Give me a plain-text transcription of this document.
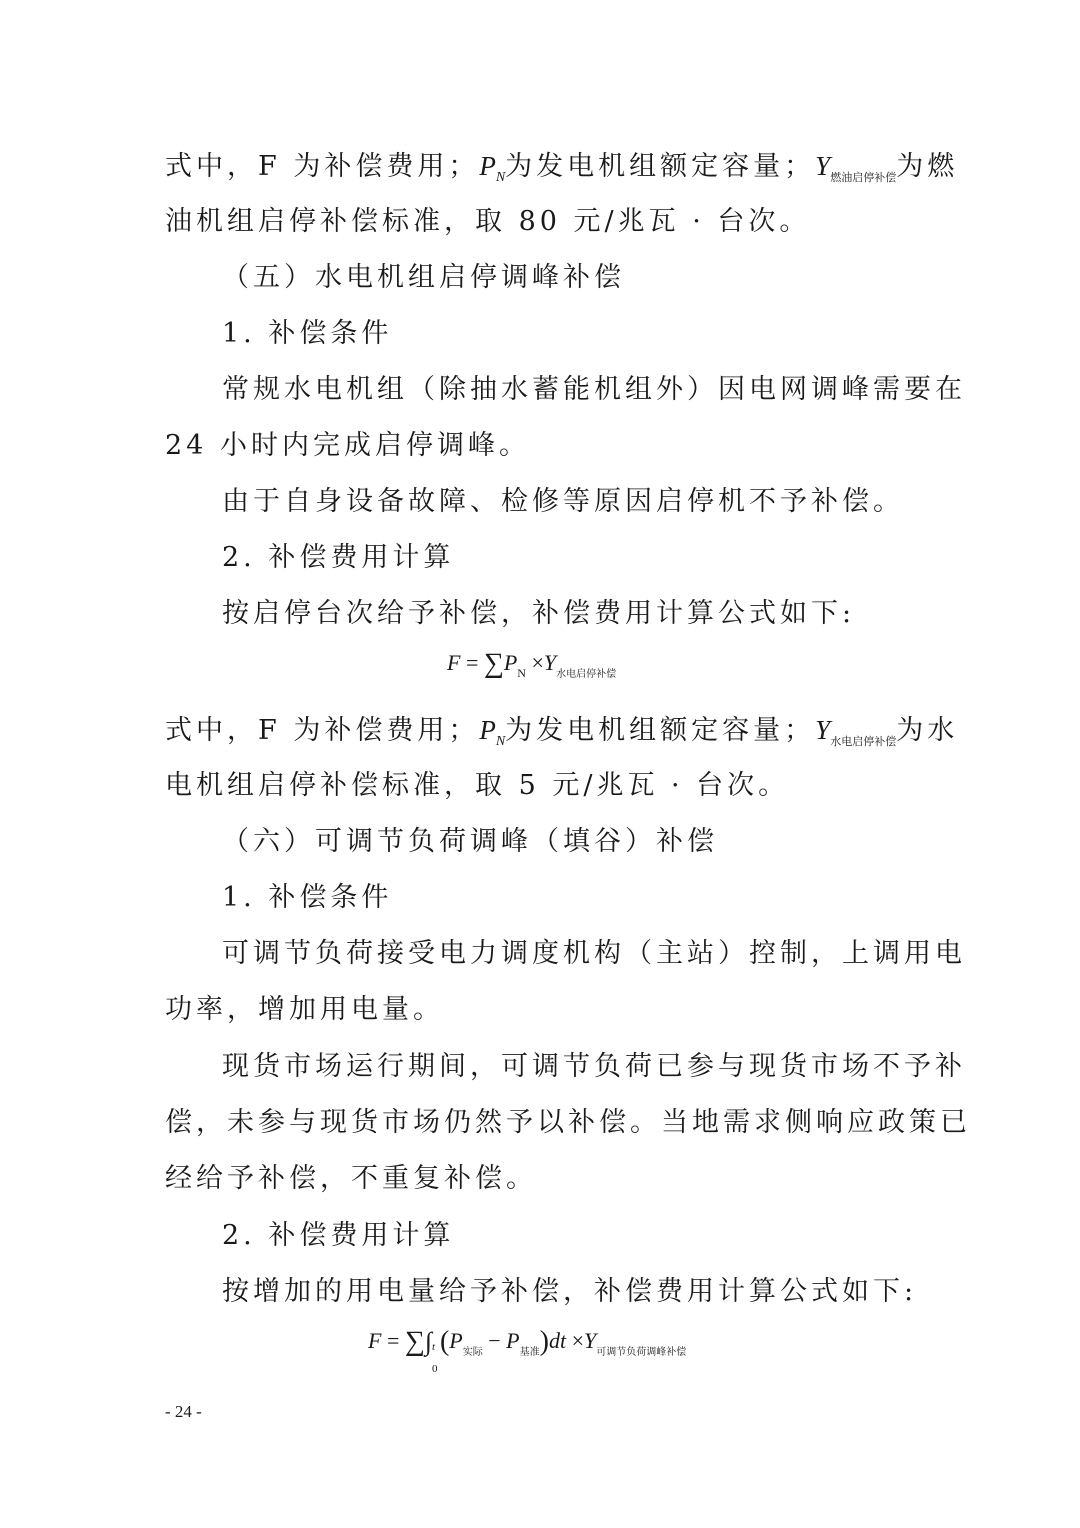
式中，F 为补偿费用；$P_N$为发电机组额定容量；$Y_{燃油启停补偿}$为燃
油机组启停补偿标准，取 80 元/兆瓦 · 台次。
（五）水电机组启停调峰补偿
1. 补偿条件
常规水电机组（除抽水蓄能机组外）因电网调峰需要在
24 小时内完成启停调峰。
由于自身设备故障、检修等原因启停机不予补偿。
2. 补偿费用计算
按启停台次给予补偿，补偿费用计算公式如下:
$F = \sum P_N \times Y_{水电启停补偿}$
式中，F 为补偿费用；$P_N$为发电机组额定容量；$Y_{水电启停补偿}$为水
电机组启停补偿标准，取 5 元/兆瓦 · 台次。
（六）可调节负荷调峰（填谷）补偿
1. 补偿条件
可调节负荷接受电力调度机构（主站）控制，上调用电
功率，增加用电量。
现货市场运行期间，可调节负荷已参与现货市场不予补
偿，未参与现货市场仍然予以补偿。当地需求侧响应政策已
经给予补偿，不重复补偿。
2. 补偿费用计算
按增加的用电量给予补偿，补偿费用计算公式如下:
F = ∑∫ t
0
$(P_{实际} - P_{基准})dt \times Y_{可调节负荷调峰补偿}$
- 24 -
